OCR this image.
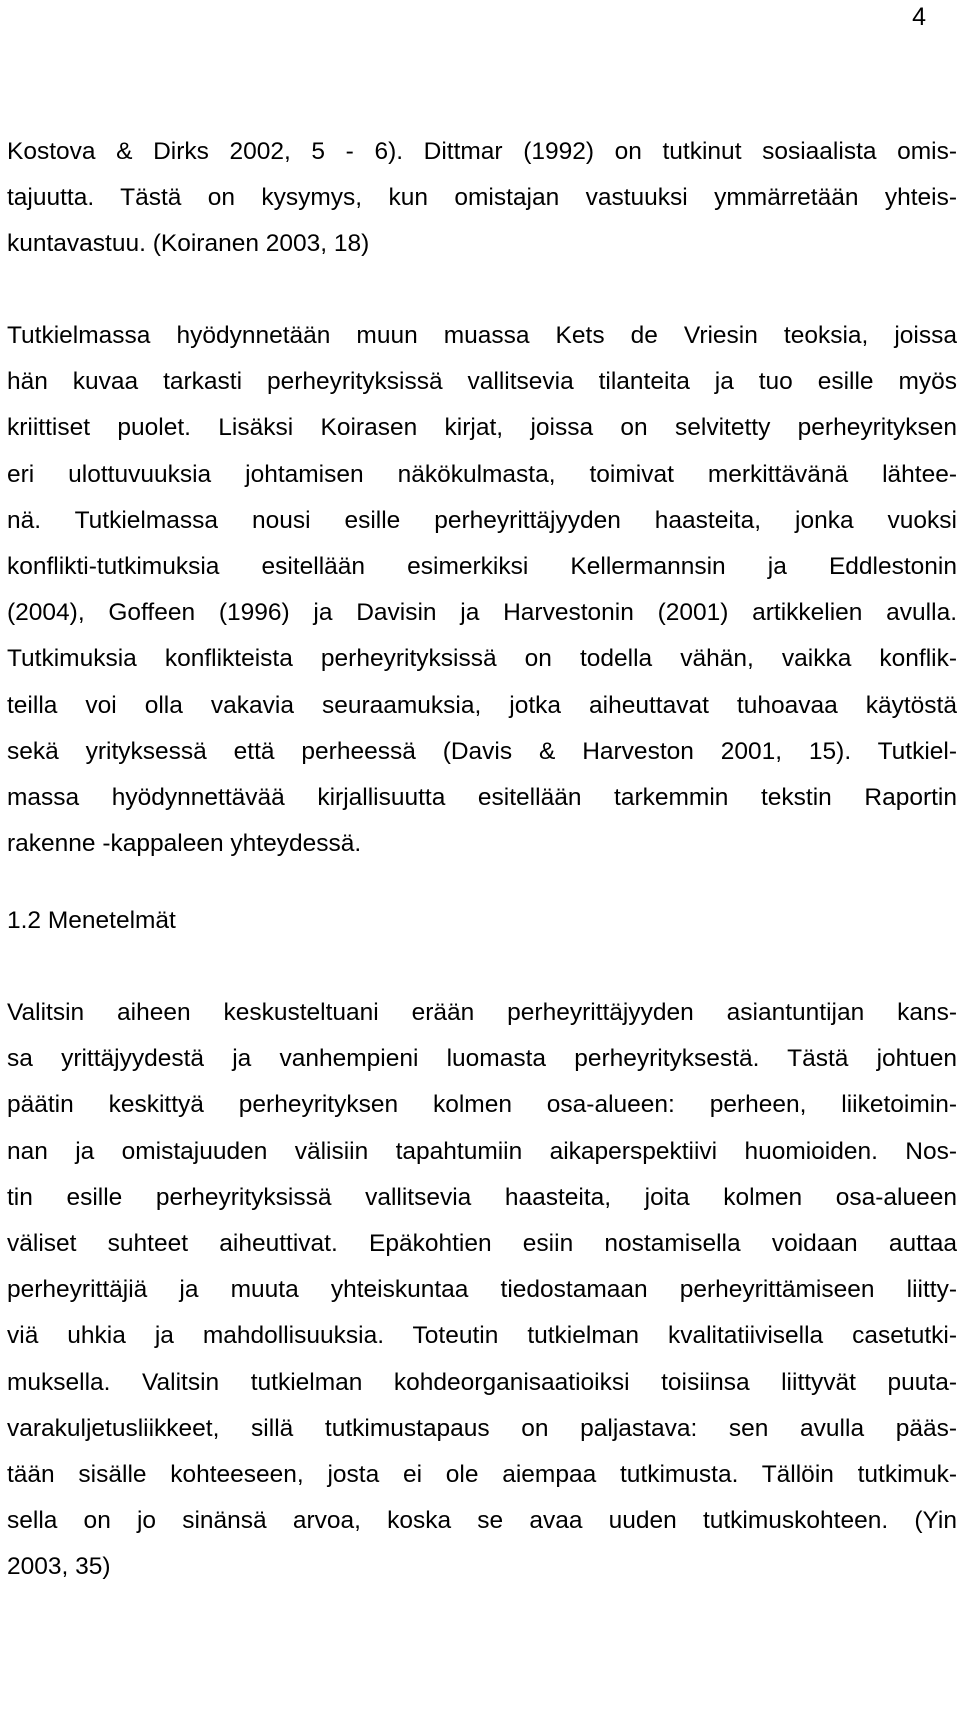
4
Kostova & Dirks 2002, 5 - 6). Dittmar (1992) on tutkinut sosiaalista omis-
tajuutta. Tästä on kysymys, kun omistajan vastuuksi ymmärretään yhteis-
kuntavastuu. (Koiranen 2003, 18)
Tutkielmassa hyödynnetään muun muassa Kets de Vriesin teoksia, joissa
hän kuvaa tarkasti perheyrityksissä vallitsevia tilanteita ja tuo esille myös
kriittiset puolet. Lisäksi Koirasen kirjat, joissa on selvitetty perheyrityksen
eri ulottuvuuksia johtamisen näkökulmasta, toimivat merkittävänä lähtee-
nä. Tutkielmassa nousi esille perheyrittäjyyden haasteita, jonka vuoksi
konflikti-tutkimuksia esitellään esimerkiksi Kellermannsin ja Eddlestonin
(2004), Goffeen (1996) ja Davisin ja Harvestonin (2001) artikkelien avulla.
Tutkimuksia konflikteista perheyrityksissä on todella vähän, vaikka konflik-
teilla voi olla vakavia seuraamuksia, jotka aiheuttavat tuhoavaa käytöstä
sekä yrityksessä että perheessä (Davis & Harveston 2001, 15). Tutkiel-
massa hyödynnettävää kirjallisuutta esitellään tarkemmin tekstin Raportin
rakenne -kappaleen yhteydessä.
1.2 Menetelmät
Valitsin aiheen keskusteltuani erään perheyrittäjyyden asiantuntijan kans-
sa yrittäjyydestä ja vanhempieni luomasta perheyrityksestä. Tästä johtuen
päätin keskittyä perheyrityksen kolmen osa-alueen: perheen, liiketoimin-
nan ja omistajuuden välisiin tapahtumiin aikaperspektiivi huomioiden. Nos-
tin esille perheyrityksissä vallitsevia haasteita, joita kolmen osa-alueen
väliset suhteet aiheuttivat. Epäkohtien esiin nostamisella voidaan auttaa
perheyrittäjiä ja muuta yhteiskuntaa tiedostamaan perheyrittämiseen liitty-
viä uhkia ja mahdollisuuksia. Toteutin tutkielman kvalitatiivisella casetutki-
muksella. Valitsin tutkielman kohdeorganisaatioiksi toisiinsa liittyvät puuta-
varakuljetusliikkeet, sillä tutkimustapaus on paljastava: sen avulla pääs-
tään sisälle kohteeseen, josta ei ole aiempaa tutkimusta. Tällöin tutkimuk-
sella on jo sinänsä arvoa, koska se avaa uuden tutkimuskohteen. (Yin
2003, 35)
